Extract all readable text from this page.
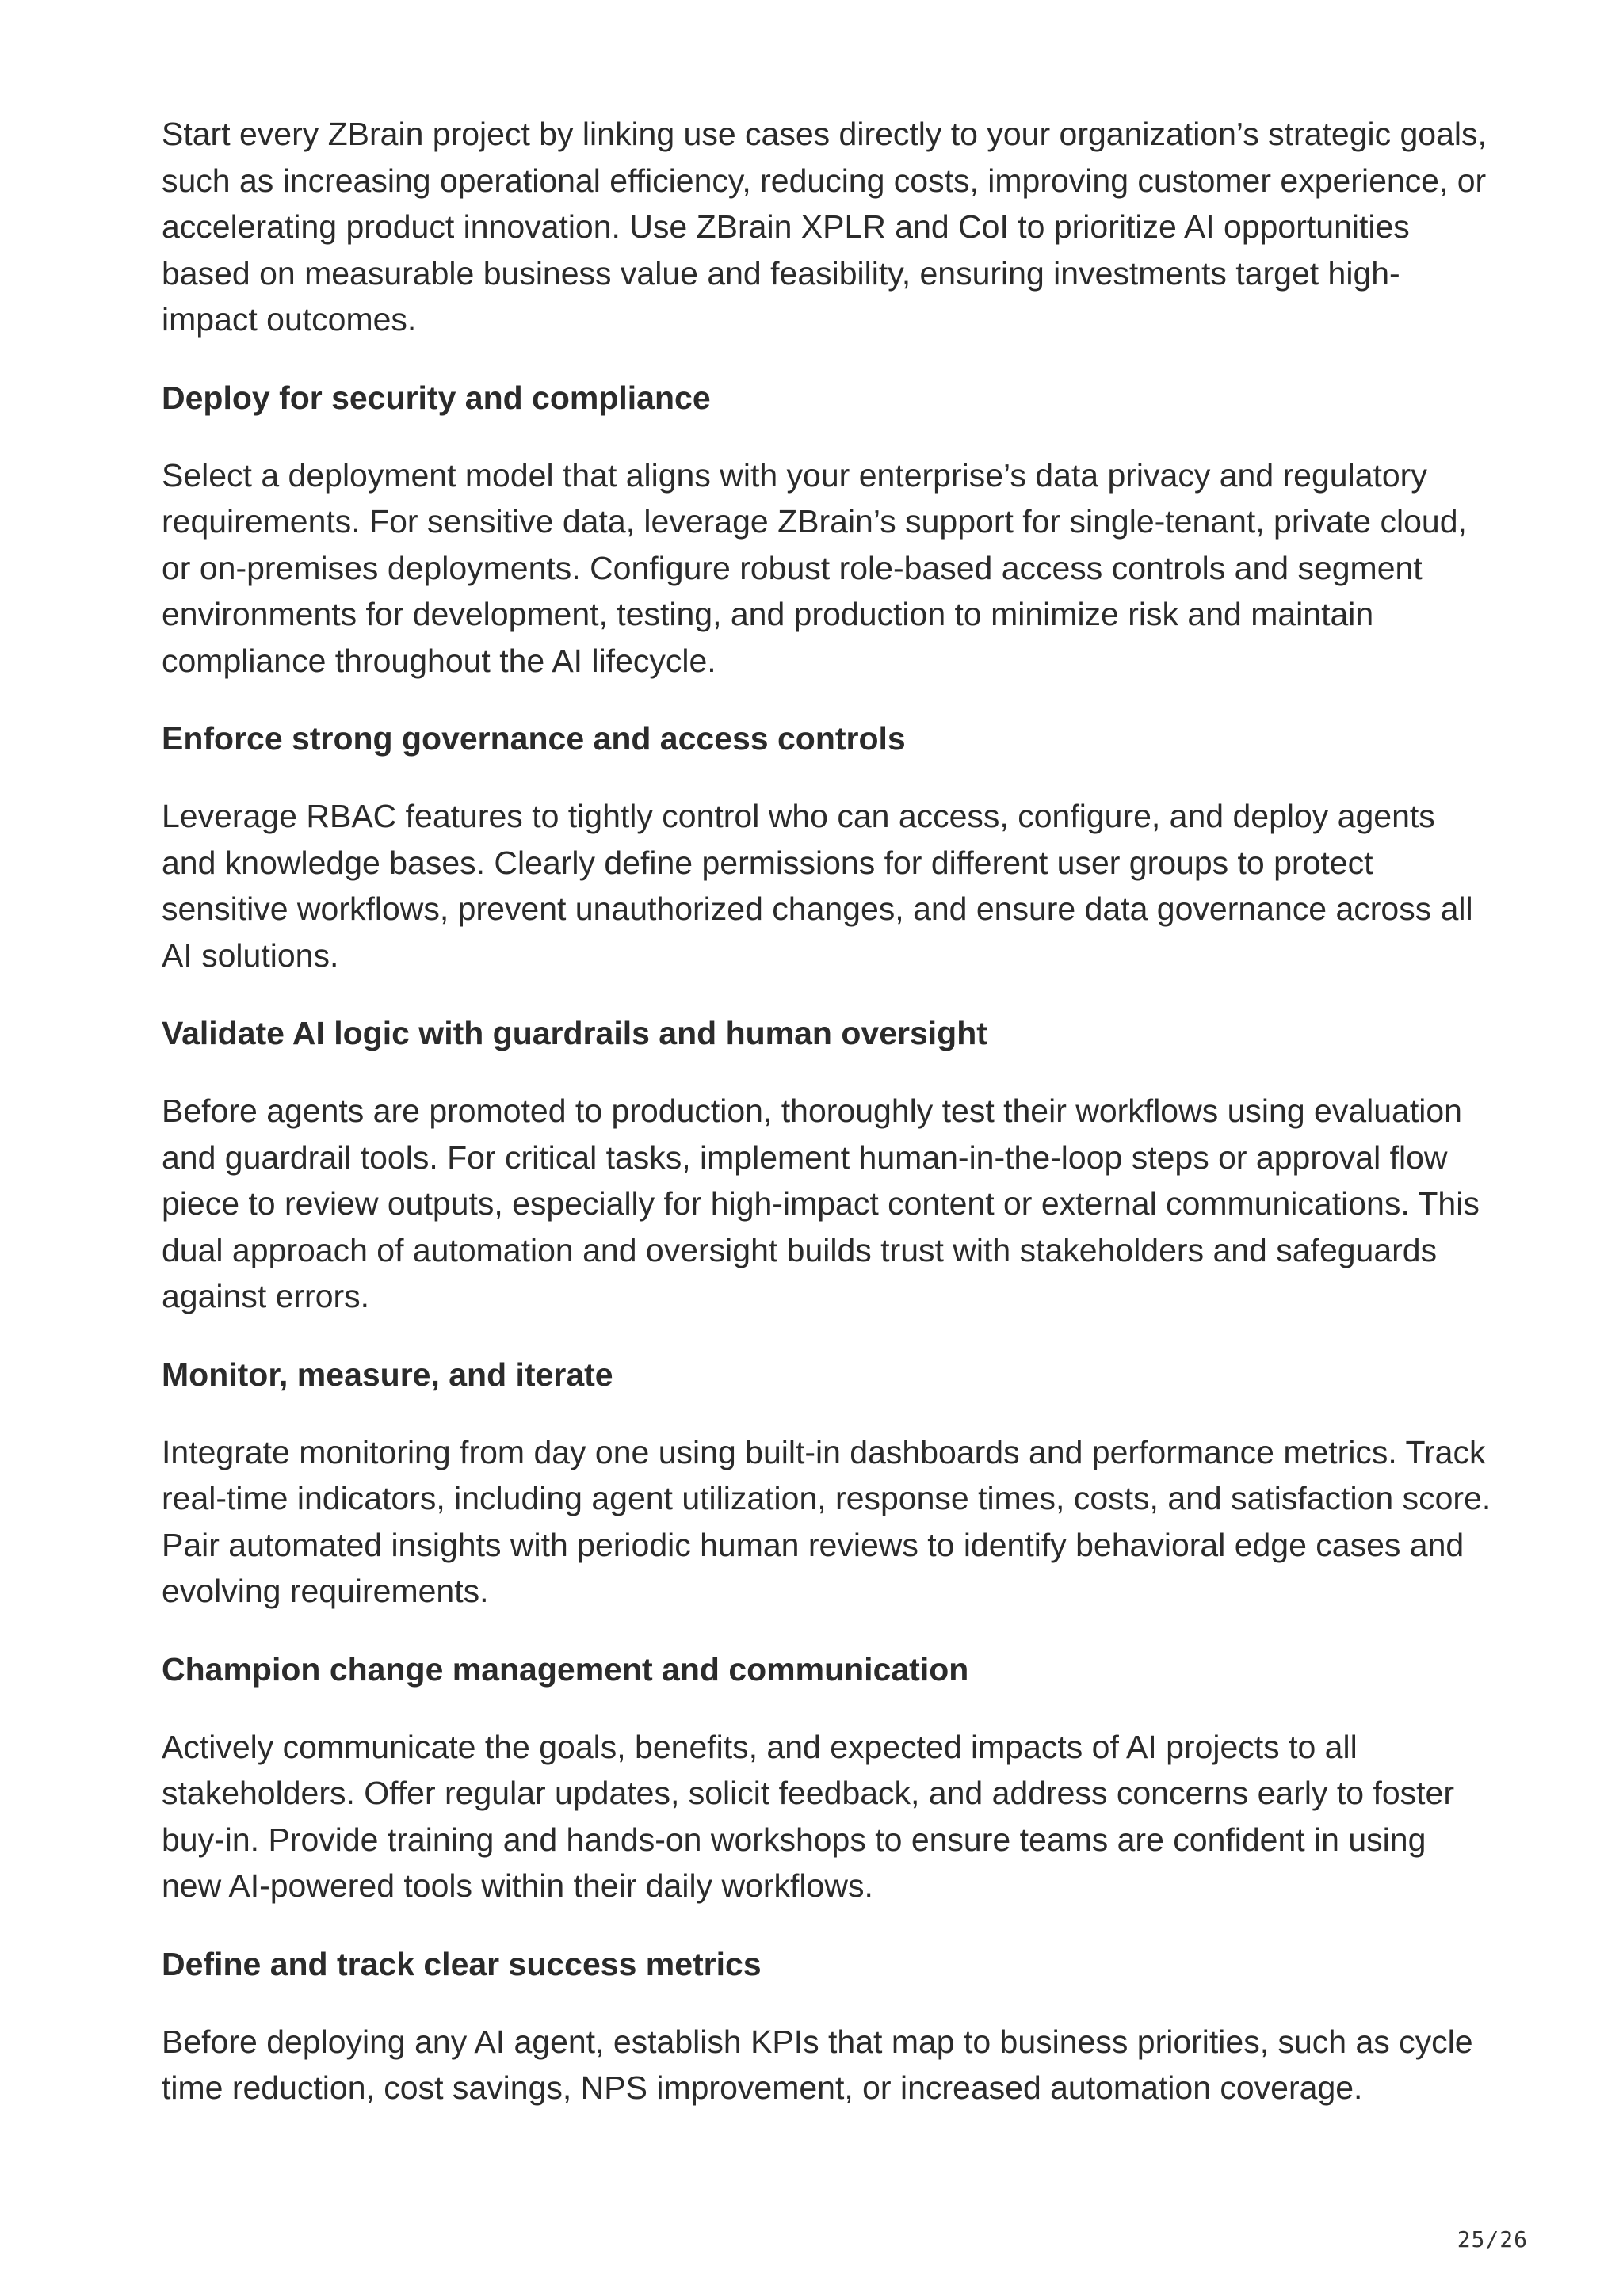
Start every ZBrain project by linking use cases directly to your organization’s strategic goals, such as increasing operational efficiency, reducing costs, improving customer experience, or accelerating product innovation. Use ZBrain XPLR and CoI to prioritize AI opportunities based on measurable business value and feasibility, ensuring investments target high-impact outcomes.

Deploy for security and compliance

Select a deployment model that aligns with your enterprise’s data privacy and regulatory requirements. For sensitive data, leverage ZBrain’s support for single-tenant, private cloud, or on-premises deployments. Configure robust role-based access controls and segment environments for development, testing, and production to minimize risk and maintain compliance throughout the AI lifecycle.

Enforce strong governance and access controls

Leverage RBAC features to tightly control who can access, configure, and deploy agents and knowledge bases. Clearly define permissions for different user groups to protect sensitive workflows, prevent unauthorized changes, and ensure data governance across all AI solutions.

Validate AI logic with guardrails and human oversight

Before agents are promoted to production, thoroughly test their workflows using evaluation and guardrail tools. For critical tasks, implement human-in-the-loop steps or approval flow piece to review outputs, especially for high-impact content or external communications. This dual approach of automation and oversight builds trust with stakeholders and safeguards against errors.

Monitor, measure, and iterate

Integrate monitoring from day one using built-in dashboards and performance metrics. Track real-time indicators, including agent utilization, response times, costs, and satisfaction score. Pair automated insights with periodic human reviews to identify behavioral edge cases and evolving requirements.

Champion change management and communication

Actively communicate the goals, benefits, and expected impacts of AI projects to all stakeholders. Offer regular updates, solicit feedback, and address concerns early to foster buy-in. Provide training and hands-on workshops to ensure teams are confident in using new AI-powered tools within their daily workflows.

Define and track clear success metrics

Before deploying any AI agent, establish KPIs that map to business priorities, such as cycle time reduction, cost savings, NPS improvement, or increased automation coverage.

25/26
